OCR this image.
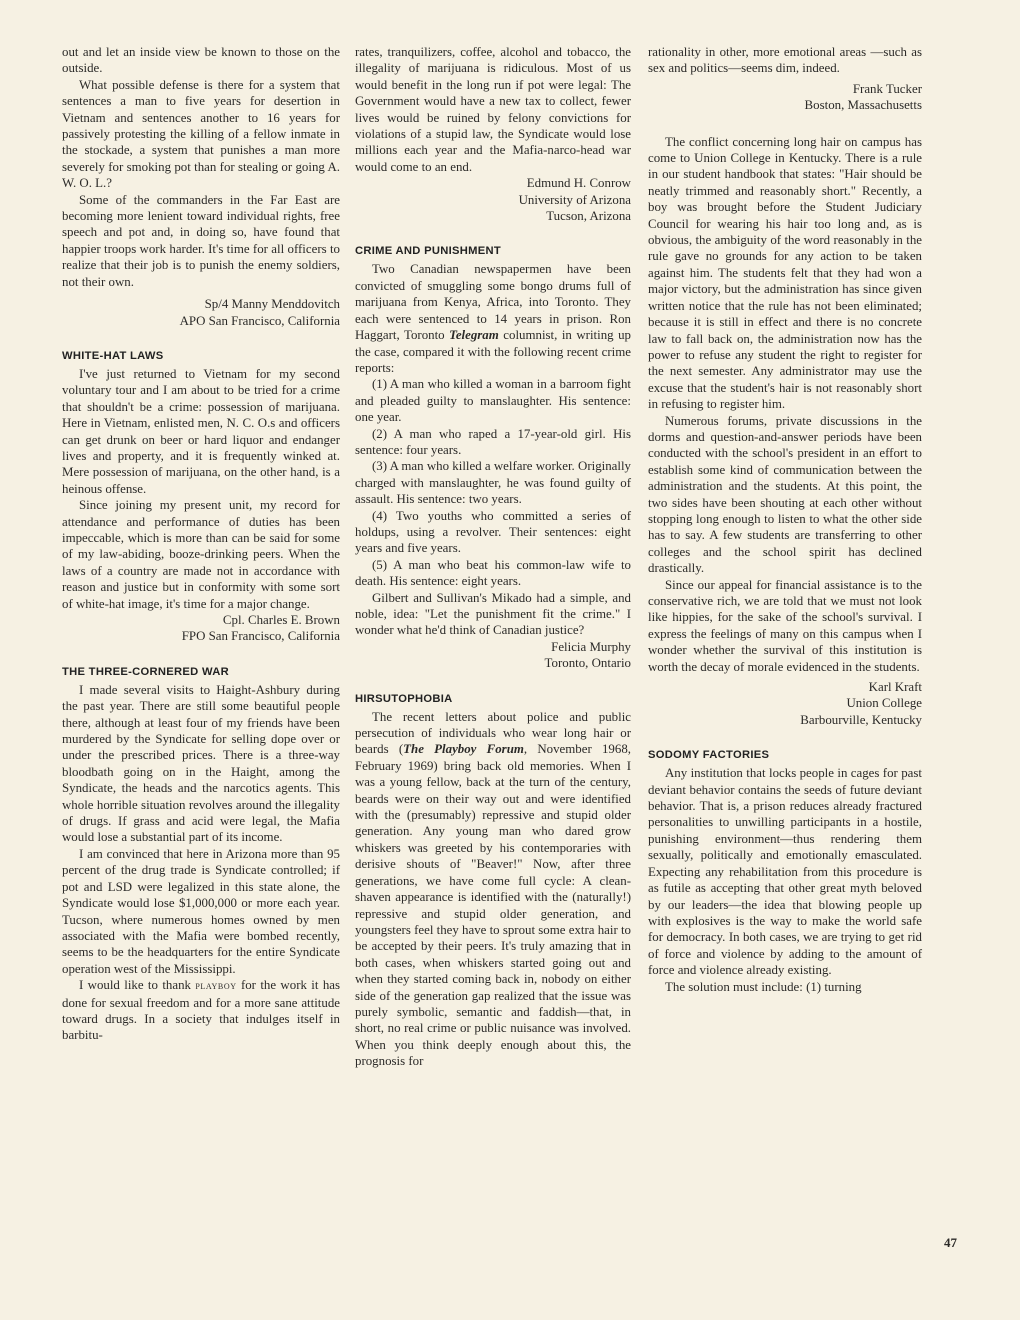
out and let an inside view be known to those on the outside.

What possible defense is there for a system that sentences a man to five years for desertion in Vietnam and sentences another to 16 years for passively protesting the killing of a fellow inmate in the stockade, a system that punishes a man more severely for smoking pot than for stealing or going A. W. O. L.?

Some of the commanders in the Far East are becoming more lenient toward individual rights, free speech and pot and, in doing so, have found that happier troops work harder. It's time for all officers to realize that their job is to punish the enemy soldiers, not their own.

Sp/4 Manny Menddovitch
APO San Francisco, California
WHITE-HAT LAWS

I've just returned to Vietnam for my second voluntary tour and I am about to be tried for a crime that shouldn't be a crime: possession of marijuana. Here in Vietnam, enlisted men, N. C. O.s and officers can get drunk on beer or hard liquor and endanger lives and property, and it is frequently winked at. Mere possession of marijuana, on the other hand, is a heinous offense.

Since joining my present unit, my record for attendance and performance of duties has been impeccable, which is more than can be said for some of my law-abiding, booze-drinking peers. When the laws of a country are made not in accordance with reason and justice but in conformity with some sort of white-hat image, it's time for a major change.

Cpl. Charles E. Brown
FPO San Francisco, California
THE THREE-CORNERED WAR

I made several visits to Haight-Ashbury during the past year. There are still some beautiful people there, although at least four of my friends have been murdered by the Syndicate for selling dope over or under the prescribed prices. There is a three-way bloodbath going on in the Haight, among the Syndicate, the heads and the narcotics agents. This whole horrible situation revolves around the illegality of drugs. If grass and acid were legal, the Mafia would lose a substantial part of its income.

I am convinced that here in Arizona more than 95 percent of the drug trade is Syndicate controlled; if pot and LSD were legalized in this state alone, the Syndicate would lose $1,000,000 or more each year. Tucson, where numerous homes owned by men associated with the Mafia were bombed recently, seems to be the headquarters for the entire Syndicate operation west of the Mississippi.

I would like to thank playboy for the work it has done for sexual freedom and for a more sane attitude toward drugs. In a society that indulges itself in barbitu-

rates, tranquilizers, coffee, alcohol and tobacco, the illegality of marijuana is ridiculous. Most of us would benefit in the long run if pot were legal: The Government would have a new tax to collect, fewer lives would be ruined by felony convictions for violations of a stupid law, the Syndicate would lose millions each year and the Mafia-narco-head war would come to an end.

Edmund H. Conrow
University of Arizona
Tucson, Arizona
CRIME AND PUNISHMENT

Two Canadian newspapermen have been convicted of smuggling some bongo drums full of marijuana from Kenya, Africa, into Toronto. They each were sentenced to 14 years in prison. Ron Haggart, Toronto Telegram columnist, in writing up the case, compared it with the following recent crime reports:

(1) A man who killed a woman in a barroom fight and pleaded guilty to manslaughter. His sentence: one year.

(2) A man who raped a 17-year-old girl. His sentence: four years.

(3) A man who killed a welfare worker. Originally charged with manslaughter, he was found guilty of assault. His sentence: two years.

(4) Two youths who committed a series of holdups, using a revolver. Their sentences: eight years and five years.

(5) A man who beat his common-law wife to death. His sentence: eight years.

Gilbert and Sullivan's Mikado had a simple, and noble, idea: "Let the punishment fit the crime." I wonder what he'd think of Canadian justice?

Felicia Murphy
Toronto, Ontario
HIRSUTOPHOBIA

The recent letters about police and public persecution of individuals who wear long hair or beards (The Playboy Forum, November 1968, February 1969) bring back old memories. When I was a young fellow, back at the turn of the century, beards were on their way out and were identified with the (presumably) repressive and stupid older generation. Any young man who dared grow whiskers was greeted by his contemporaries with derisive shouts of "Beaver!" Now, after three generations, we have come full cycle: A clean-shaven appearance is identified with the (naturally!) repressive and stupid older generation, and youngsters feel they have to sprout some extra hair to be accepted by their peers. It's truly amazing that in both cases, when whiskers started going out and when they started coming back in, nobody on either side of the generation gap realized that the issue was purely symbolic, semantic and faddish—that, in short, no real crime or public nuisance was involved. When you think deeply enough about this, the prognosis for

rationality in other, more emotional areas —such as sex and politics—seems dim, indeed.

Frank Tucker
Boston, Massachusetts

The conflict concerning long hair on campus has come to Union College in Kentucky. There is a rule in our student handbook that states: "Hair should be neatly trimmed and reasonably short." Recently, a boy was brought before the Student Judiciary Council for wearing his hair too long and, as is obvious, the ambiguity of the word reasonably in the rule gave no grounds for any action to be taken against him. The students felt that they had won a major victory, but the administration has since given written notice that the rule has not been eliminated; because it is still in effect and there is no concrete law to fall back on, the administration now has the power to refuse any student the right to register for the next semester. Any administrator may use the excuse that the student's hair is not reasonably short in refusing to register him.

Numerous forums, private discussions in the dorms and question-and-answer periods have been conducted with the school's president in an effort to establish some kind of communication between the administration and the students. At this point, the two sides have been shouting at each other without stopping long enough to listen to what the other side has to say. A few students are transferring to other colleges and the school spirit has declined drastically.

Since our appeal for financial assistance is to the conservative rich, we are told that we must not look like hippies, for the sake of the school's survival. I express the feelings of many on this campus when I wonder whether the survival of this institution is worth the decay of morale evidenced in the students.

Karl Kraft
Union College
Barbourville, Kentucky
SODOMY FACTORIES

Any institution that locks people in cages for past deviant behavior contains the seeds of future deviant behavior. That is, a prison reduces already fractured personalities to unwilling participants in a hostile, punishing environment—thus rendering them sexually, politically and emotionally emasculated. Expecting any rehabilitation from this procedure is as futile as accepting that other great myth beloved by our leaders—the idea that blowing people up with explosives is the way to make the world safe for democracy. In both cases, we are trying to get rid of force and violence by adding to the amount of force and violence already existing.

The solution must include: (1) turning

47
